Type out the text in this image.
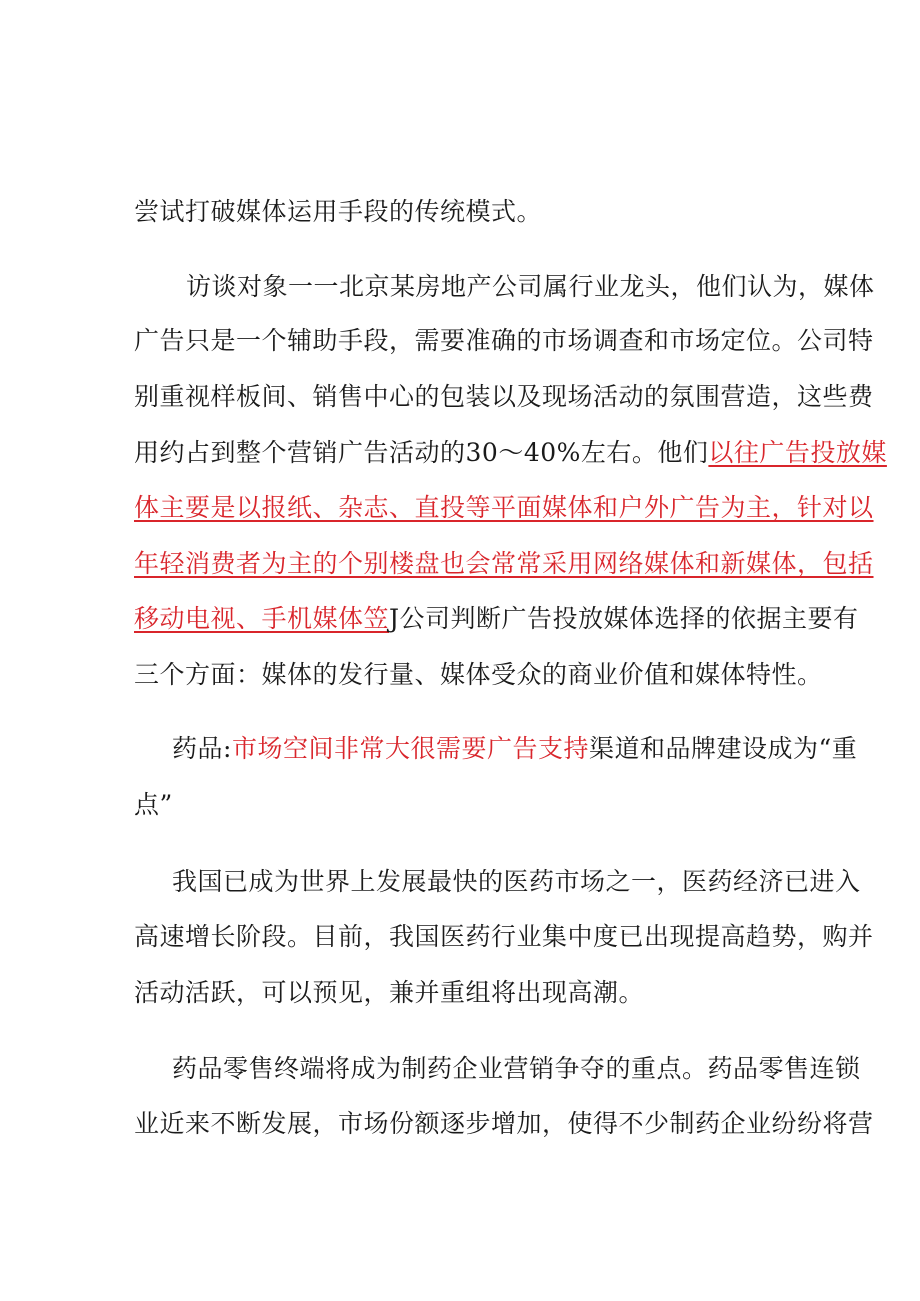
尝试打破媒体运用手段的传统模式。
访谈对象一一北京某房地产公司属行业龙头，他们认为，媒体
广告只是一个辅助手段，需要准确的市场调查和市场定位。公司特
别重视样板间、销售中心的包装以及现场活动的氛围营造，这些费
用约占到整个营销广告活动的30～40%左右。他们以往广告投放媒
体主要是以报纸、杂志、直投等平面媒体和户外广告为主，针对以
年轻消费者为主的个别楼盘也会常常采用网络媒体和新媒体，包括
移动电视、手机媒体笠J公司判断广告投放媒体选择的依据主要有
三个方面：媒体的发行量、媒体受众的商业价值和媒体特性。
药品:市场空间非常大很需要广告支持渠道和品牌建设成为“重
点”
我国已成为世界上发展最快的医药市场之一，医药经济已进入
高速增长阶段。目前，我国医药行业集中度已出现提高趋势，购并
活动活跃，可以预见，兼并重组将出现高潮。
药品零售终端将成为制药企业营销争夺的重点。药品零售连锁
业近来不断发展，市场份额逐步增加，使得不少制药企业纷纷将营
